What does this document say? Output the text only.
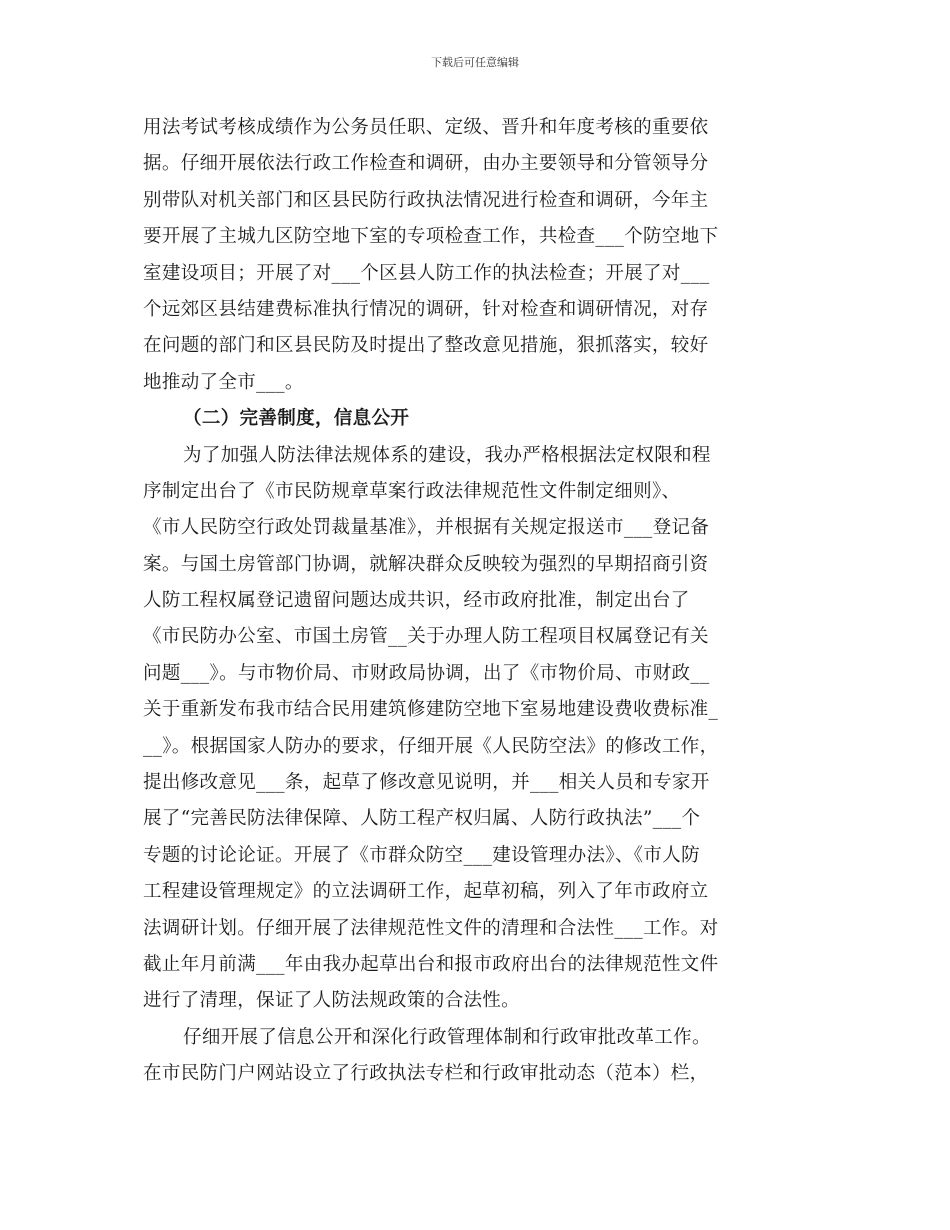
下载后可任意编辑
用法考试考核成绩作为公务员任职、定级、晋升和年度考核的重要依
据。仔细开展依法行政工作检查和调研，由办主要领导和分管领导分
别带队对机关部门和区县民防行政执法情况进行检查和调研，今年主
要开展了主城九区防空地下室的专项检查工作，共检查___个防空地下
室建设项目；开展了对___个区县人防工作的执法检查；开展了对___
个远郊区县结建费标准执行情况的调研，针对检查和调研情况，对存
在问题的部门和区县民防及时提出了整改意见措施，狠抓落实，较好
地推动了全市___。
（二）完善制度，信息公开
为了加强人防法律法规体系的建设，我办严格根据法定权限和程
序制定出台了《市民防规章草案行政法律规范性文件制定细则》、
《市人民防空行政处罚裁量基准》，并根据有关规定报送市___登记备
案。与国土房管部门协调，就解决群众反映较为强烈的早期招商引资
人防工程权属登记遗留问题达成共识，经市政府批准，制定出台了
《市民防办公室、市国土房管__关于办理人防工程项目权属登记有关
问题___》。与市物价局、市财政局协调，出了《市物价局、市财政__
关于重新发布我市结合民用建筑修建防空地下室易地建设费收费标准_
__》。根据国家人防办的要求，仔细开展《人民防空法》的修改工作，
提出修改意见___条，起草了修改意见说明，并___相关人员和专家开
展了“完善民防法律保障、人防工程产权归属、人防行政执法”___个
专题的讨论论证。开展了《市群众防空___建设管理办法》、《市人防
工程建设管理规定》的立法调研工作，起草初稿，列入了年市政府立
法调研计划。仔细开展了法律规范性文件的清理和合法性___工作。对
截止年月前满___年由我办起草出台和报市政府出台的法律规范性文件
进行了清理，保证了人防法规政策的合法性。
仔细开展了信息公开和深化行政管理体制和行政审批改革工作。
在市民防门户网站设立了行政执法专栏和行政审批动态（范本）栏，
